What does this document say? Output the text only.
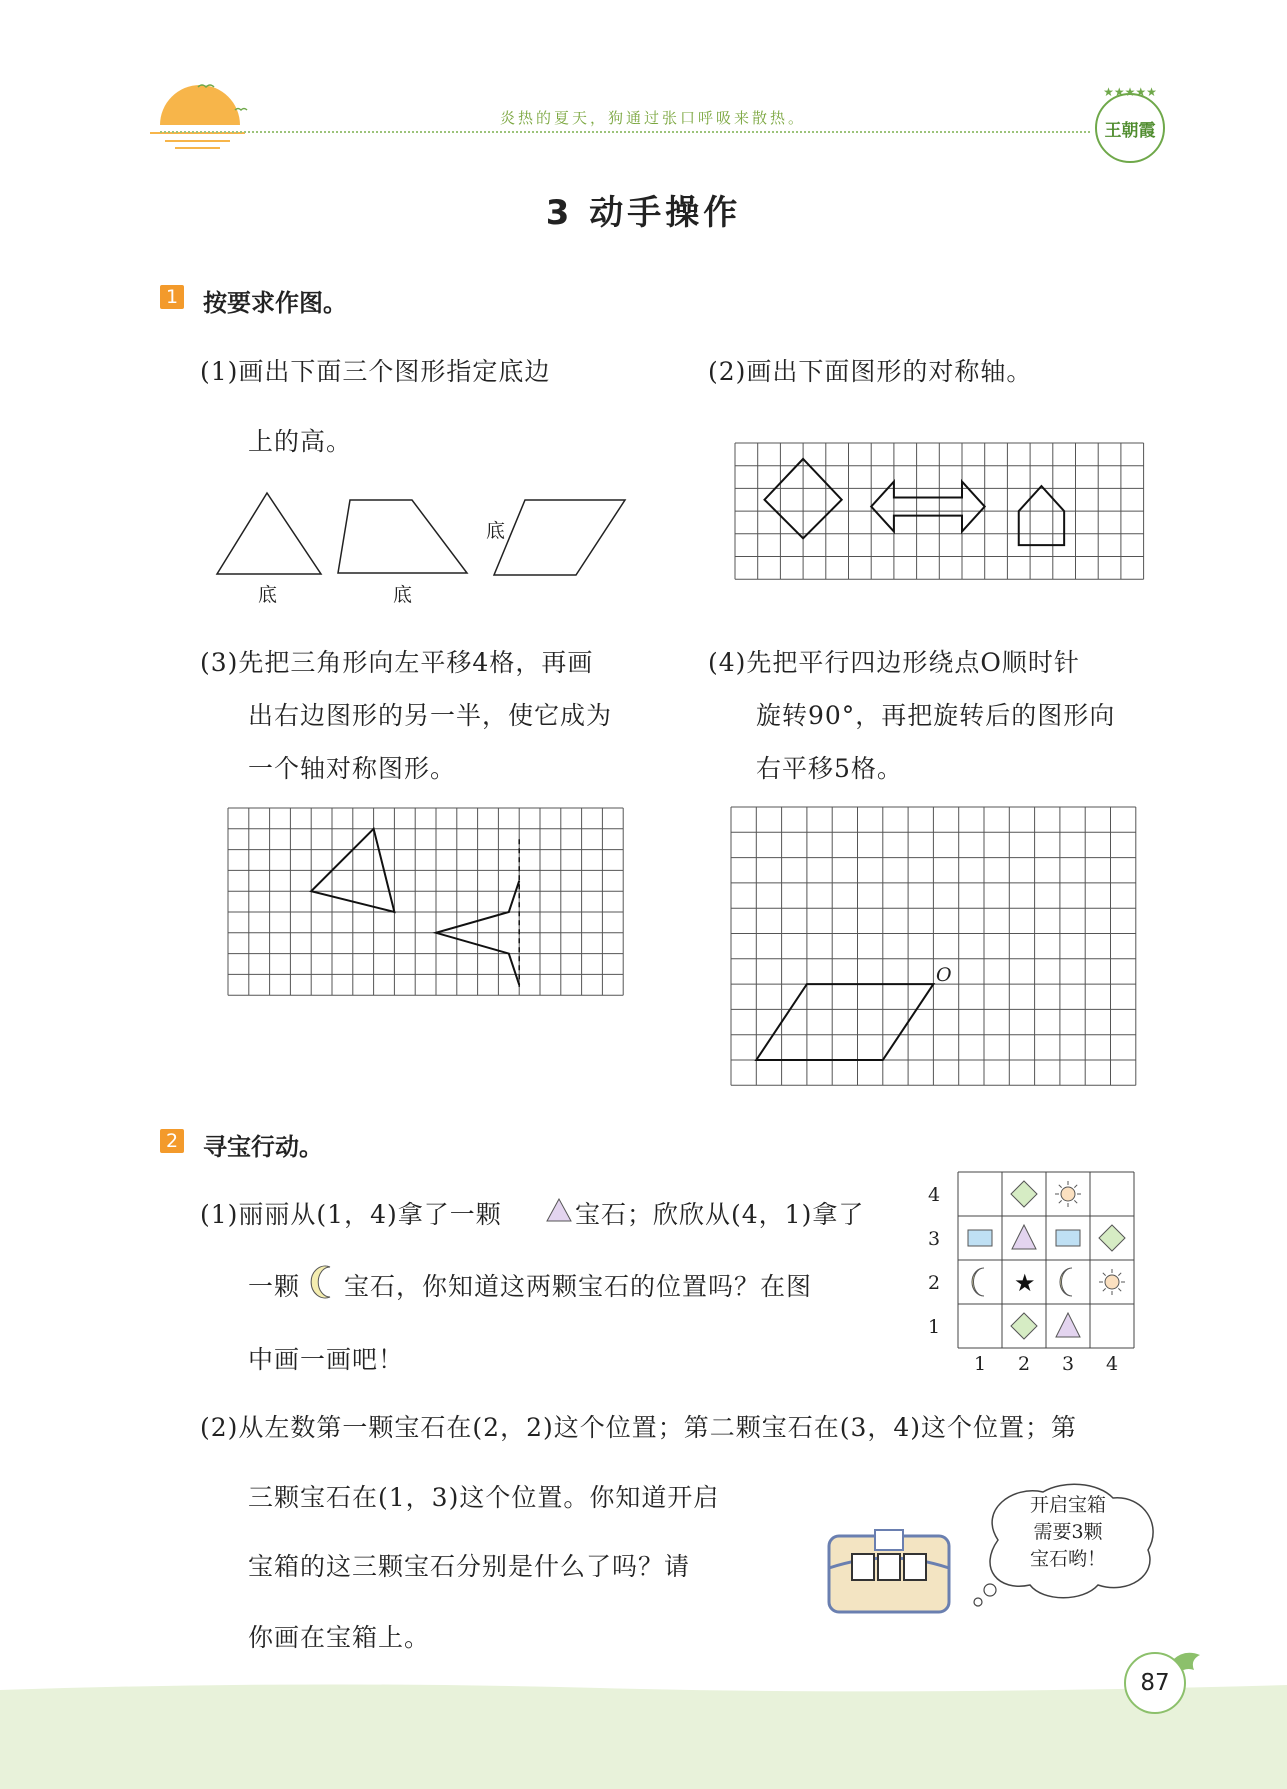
炎热的夏天，狗通过张口呼吸来散热。
★★★★★
王朝霞
3 动手操作
1 按要求作图。
(1)画出下面三个图形指定底边
上的高。
(2)画出下面图形的对称轴。
底	底
底
(3)先把三角形向左平移4格，再画
出右边图形的另一半，使它成为
一个轴对称图形。
(4)先把平行四边形绕点O顺时针
旋转90°，再把旋转后的图形向
右平移5格。
O
2 寻宝行动。
(1)丽丽从(1，4)拿了一颗	宝石；欣欣从(4，1)拿了
一颗 宝石，你知道这两颗宝石的位置吗？在图
中画一画吧！
4
3
2
1
1 2 3 4
★
(2)从左数第一颗宝石在(2，2)这个位置；第二颗宝石在(3，4)这个位置；第
三颗宝石在(1，3)这个位置。你知道开启
宝箱的这三颗宝石分别是什么了吗？请
你画在宝箱上。
开启宝箱
需要3颗
宝石哟！
87
